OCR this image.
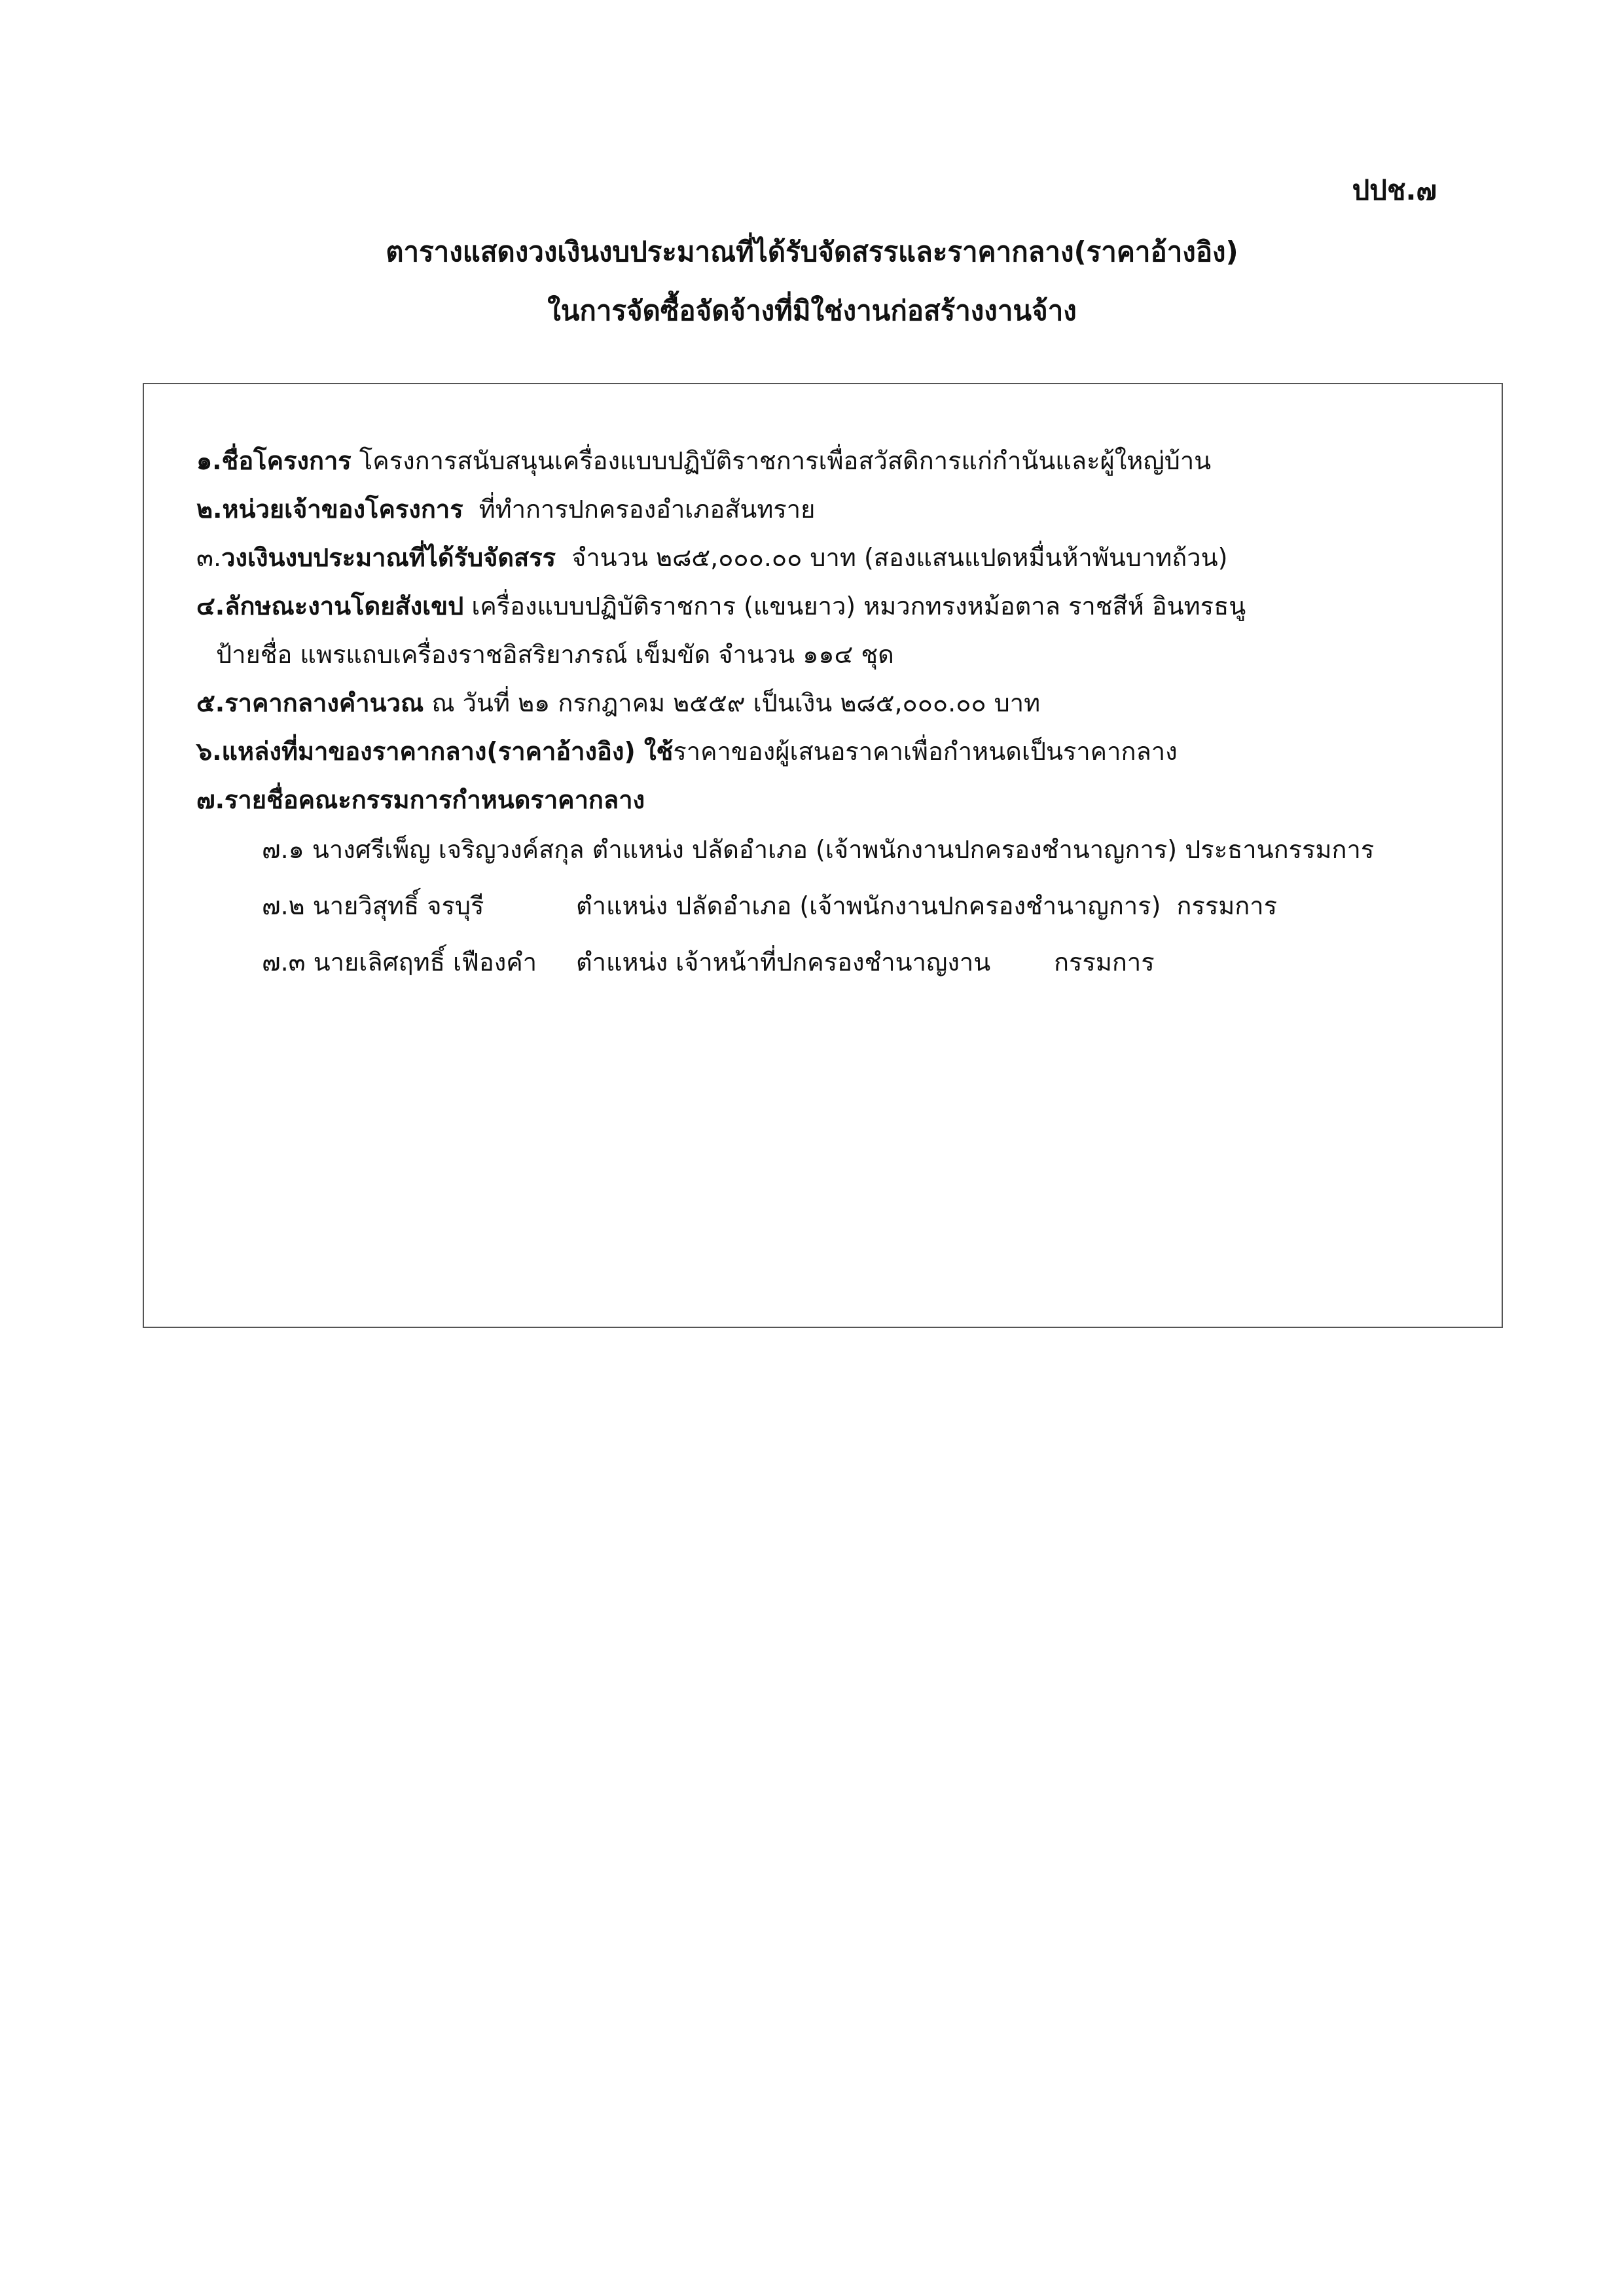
ปปช.๗
ตารางแสดงวงเงินงบประมาณที่ได้รับจัดสรรและราคากลาง(ราคาอ้างอิง)
ในการจัดซื้อจัดจ้างที่มิใช่งานก่อสร้างงานจ้าง
๑.ชื่อโครงการ โครงการสนับสนุนเครื่องแบบปฏิบัติราชการเพื่อสวัสดิการแก่กำนันและผู้ใหญ่บ้าน
๒.หน่วยเจ้าของโครงการ ที่ทำการปกครองอำเภอสันทราย
๓.วงเงินงบประมาณที่ได้รับจัดสรร จำนวน ๒๘๕,๐๐๐.๐๐ บาท (สองแสนแปดหมื่นห้าพันบาทถ้วน)
๔.ลักษณะงานโดยสังเขป เครื่องแบบปฏิบัติราชการ (แขนยาว) หมวกทรงหม้อตาล ราชสีห์ อินทรธนู
ป้ายชื่อ แพรแถบเครื่องราชอิสริยาภรณ์ เข็มขัด จำนวน ๑๑๔ ชุด
๕.ราคากลางคำนวณ ณ วันที่ ๒๑ กรกฎาคม ๒๕๕๙ เป็นเงิน ๒๘๕,๐๐๐.๐๐ บาท
๖.แหล่งที่มาของราคากลาง(ราคาอ้างอิง) ใช้ราคาของผู้เสนอราคาเพื่อกำหนดเป็นราคากลาง
๗.รายชื่อคณะกรรมการกำหนดราคากลาง
๗.๑ นางศรีเพ็ญ เจริญวงค์สกุล ตำแหน่ง ปลัดอำเภอ (เจ้าพนักงานปกครองชำนาญการ) ประธานกรรมการ
๗.๒ นายวิสุทธิ์ จรบุรี	ตำแหน่ง ปลัดอำเภอ (เจ้าพนักงานปกครองชำนาญการ) กรรมการ
๗.๓ นายเลิศฤทธิ์ เฟืองคำ ตำแหน่ง เจ้าหน้าที่ปกครองชำนาญงาน	กรรมการ
